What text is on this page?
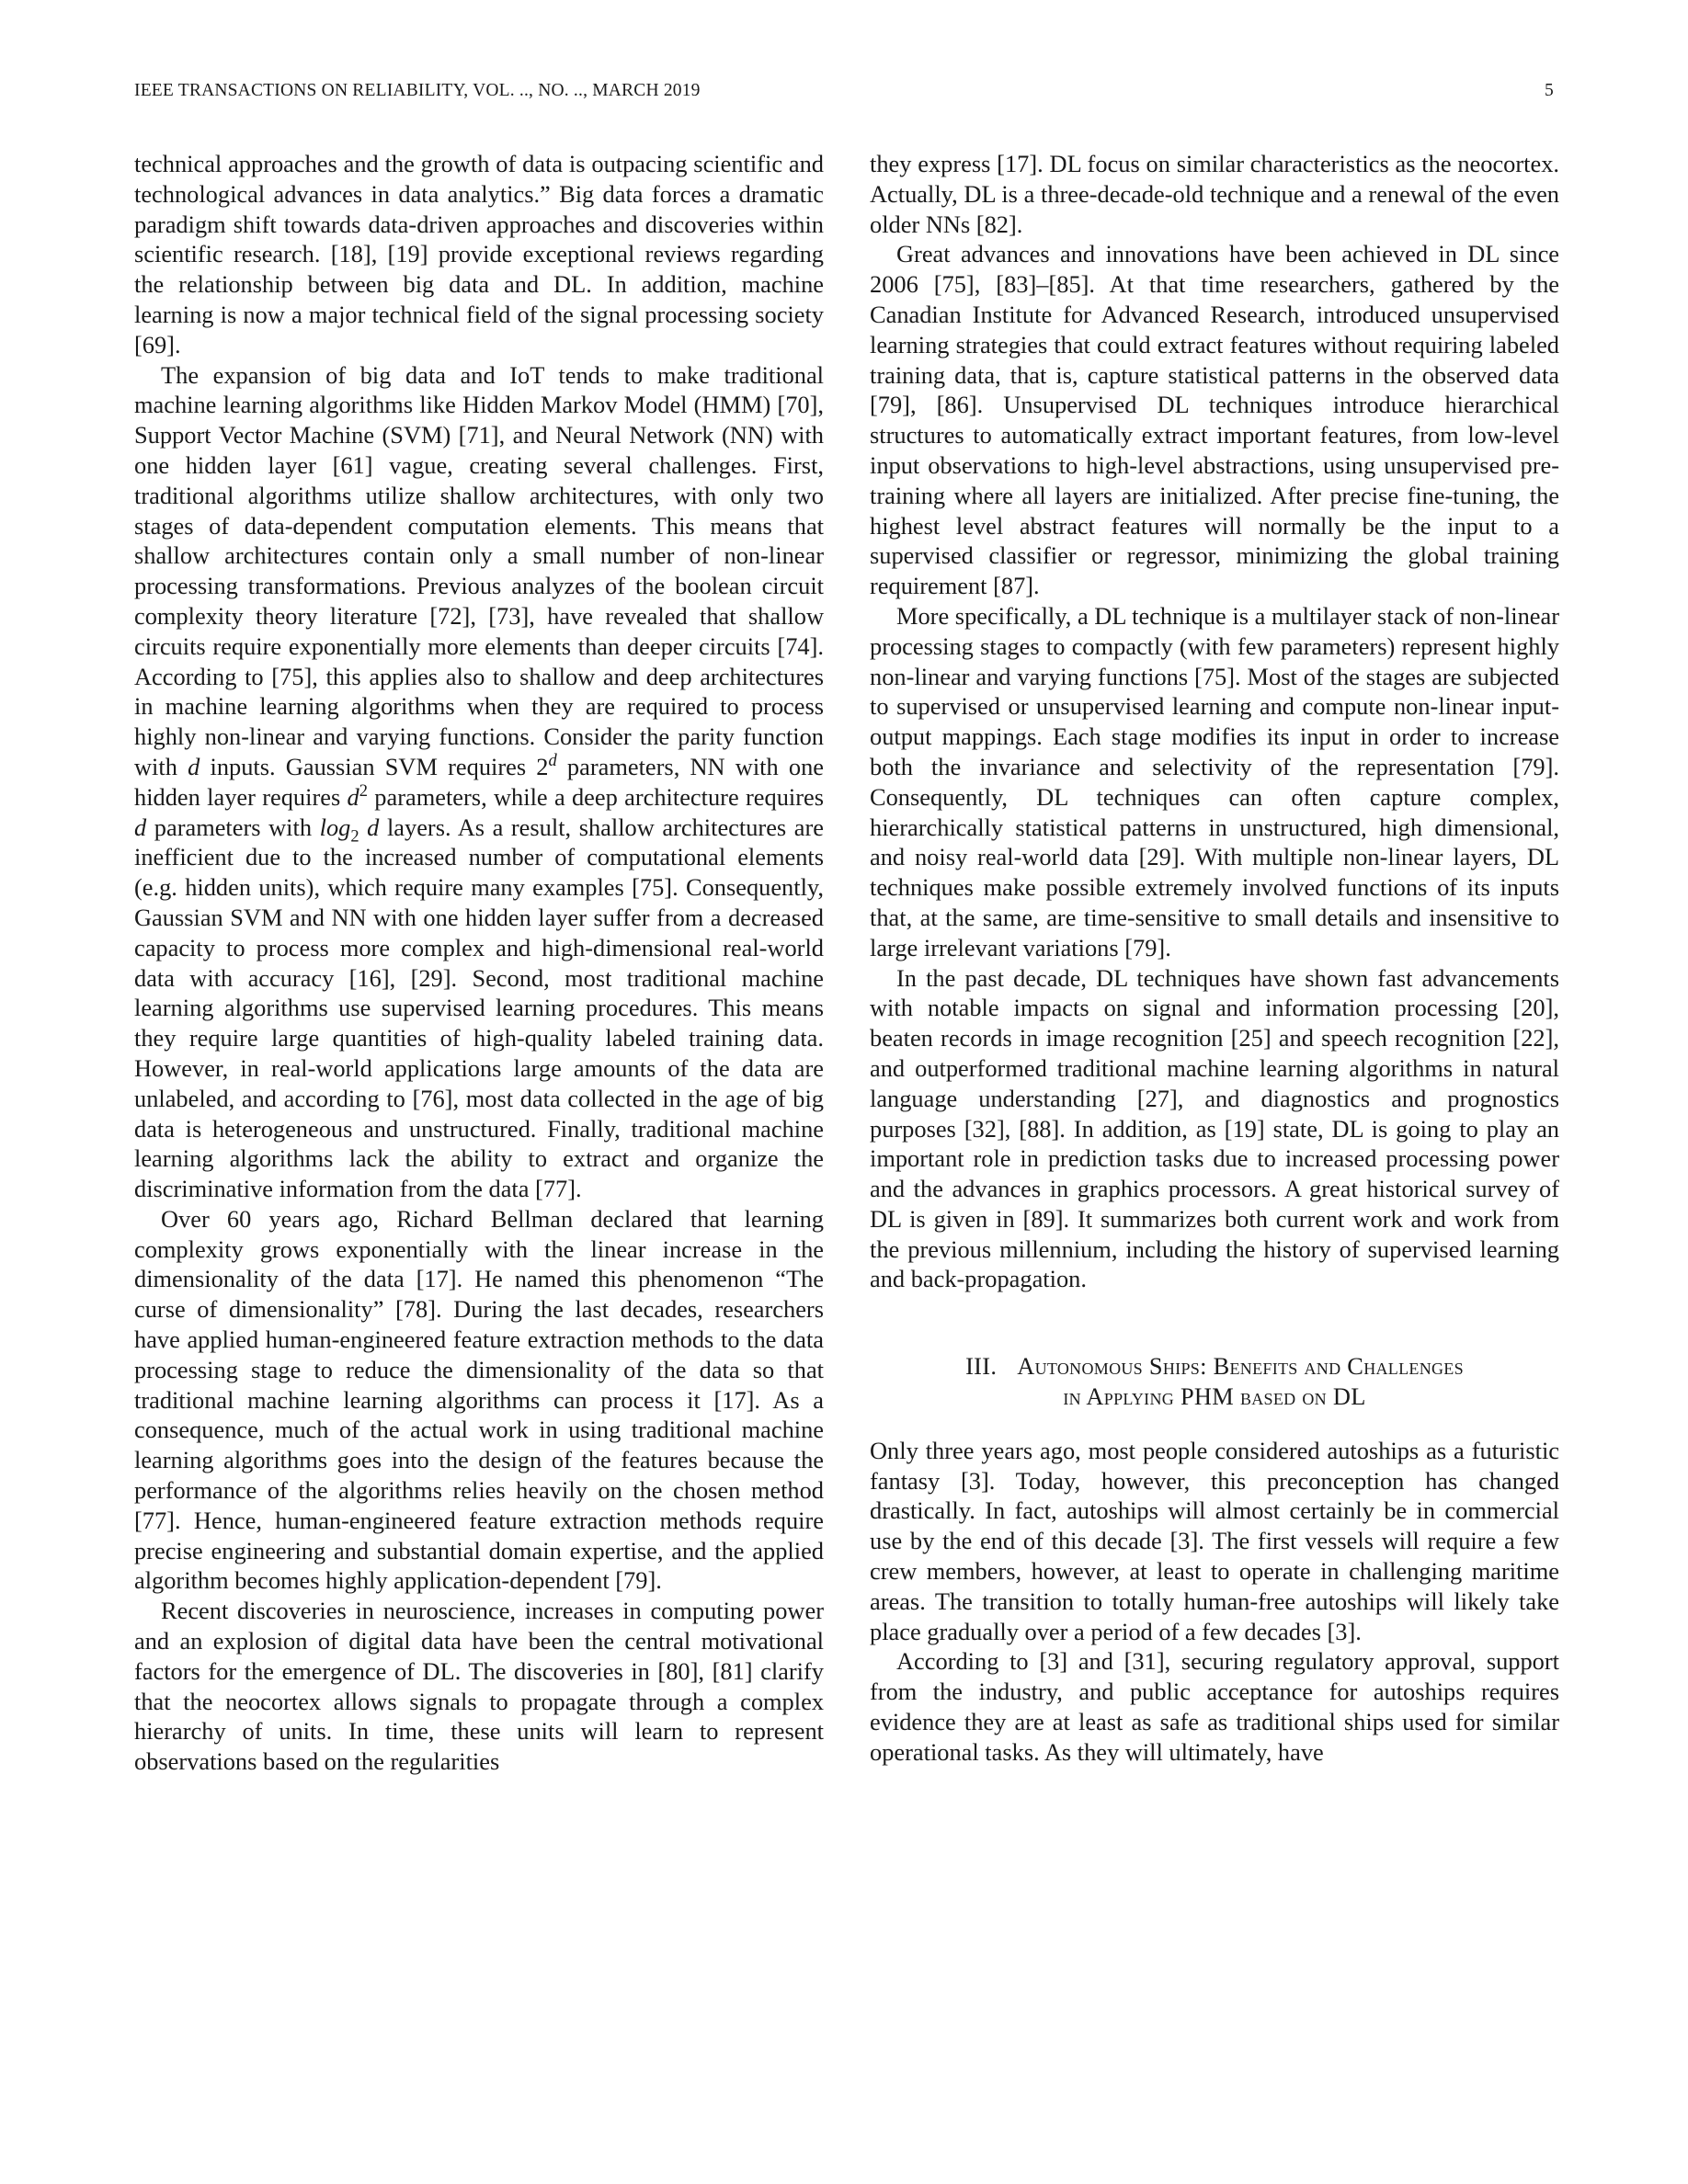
IEEE TRANSACTIONS ON RELIABILITY, VOL. .., NO. .., MARCH 2019	5

technical approaches and the growth of data is outpacing scientific and technological advances in data analytics.” Big data forces a dramatic paradigm shift towards data-driven approaches and discoveries within scientific research. [18], [19] provide exceptional reviews regarding the relationship between big data and DL. In addition, machine learning is now a major technical field of the signal processing society [69].

The expansion of big data and IoT tends to make traditional machine learning algorithms like Hidden Markov Model (HMM) [70], Support Vector Machine (SVM) [71], and Neural Network (NN) with one hidden layer [61] vague, creating several challenges. First, traditional algorithms utilize shallow architectures, with only two stages of data-dependent computation elements. This means that shallow architectures contain only a small number of non-linear processing transformations. Previous analyzes of the boolean circuit complexity theory literature [72], [73], have revealed that shallow circuits require exponentially more elements than deeper circuits [74]. According to [75], this applies also to shallow and deep architectures in machine learning algorithms when they are required to process highly non-linear and varying functions. Consider the parity function with d inputs. Gaussian SVM requires 2$^d$ parameters, NN with one hidden layer requires $d^2$ parameters, while a deep architecture requires d parameters with $\log_2 d$ layers. As a result, shallow architectures are inefficient due to the increased number of computational elements (e.g. hidden units), which require many examples [75]. Consequently, Gaussian SVM and NN with one hidden layer suffer from a decreased capacity to process more complex and high-dimensional real-world data with accuracy [16], [29]. Second, most traditional machine learning algorithms use supervised learning procedures. This means they require large quantities of high-quality labeled training data. However, in real-world applications large amounts of the data are unlabeled, and according to [76], most data collected in the age of big data is heterogeneous and unstructured. Finally, traditional machine learning algorithms lack the ability to extract and organize the discriminative information from the data [77].

Over 60 years ago, Richard Bellman declared that learning complexity grows exponentially with the linear increase in the dimensionality of the data [17]. He named this phenomenon “The curse of dimensionality” [78]. During the last decades, researchers have applied human-engineered feature extraction methods to the data processing stage to reduce the dimensionality of the data so that traditional machine learning algorithms can process it [17]. As a consequence, much of the actual work in using traditional machine learning algorithms goes into the design of the features because the performance of the algorithms relies heavily on the chosen method [77]. Hence, human-engineered feature extraction methods require precise engineering and substantial domain expertise, and the applied algorithm becomes highly application-dependent [79].

Recent discoveries in neuroscience, increases in computing power and an explosion of digital data have been the central motivational factors for the emergence of DL. The discoveries in [80], [81] clarify that the neocortex allows signals to propagate through a complex hierarchy of units. In time, these units will learn to represent observations based on the regularities

they express [17]. DL focus on similar characteristics as the neocortex. Actually, DL is a three-decade-old technique and a renewal of the even older NNs [82].

Great advances and innovations have been achieved in DL since 2006 [75], [83]–[85]. At that time researchers, gathered by the Canadian Institute for Advanced Research, introduced unsupervised learning strategies that could extract features without requiring labeled training data, that is, capture statistical patterns in the observed data [79], [86]. Unsupervised DL techniques introduce hierarchical structures to automatically extract important features, from low-level input observations to high-level abstractions, using unsupervised pre-training where all layers are initialized. After precise fine-tuning, the highest level abstract features will normally be the input to a supervised classifier or regressor, minimizing the global training requirement [87].

More specifically, a DL technique is a multilayer stack of non-linear processing stages to compactly (with few parameters) represent highly non-linear and varying functions [75]. Most of the stages are subjected to supervised or unsupervised learning and compute non-linear input-output mappings. Each stage modifies its input in order to increase both the invariance and selectivity of the representation [79]. Consequently, DL techniques can often capture complex, hierarchically statistical patterns in unstructured, high dimensional, and noisy real-world data [29]. With multiple non-linear layers, DL techniques make possible extremely involved functions of its inputs that, at the same, are time-sensitive to small details and insensitive to large irrelevant variations [79].

In the past decade, DL techniques have shown fast advancements with notable impacts on signal and information processing [20], beaten records in image recognition [25] and speech recognition [22], and outperformed traditional machine learning algorithms in natural language understanding [27], and diagnostics and prognostics purposes [32], [88]. In addition, as [19] state, DL is going to play an important role in prediction tasks due to increased processing power and the advances in graphics processors. A great historical survey of DL is given in [89]. It summarizes both current work and work from the previous millennium, including the history of supervised learning and back-propagation.

III. Autonomous Ships: Benefits and Challenges
in Applying PHM based on DL

Only three years ago, most people considered autoships as a futuristic fantasy [3]. Today, however, this preconception has changed drastically. In fact, autoships will almost certainly be in commercial use by the end of this decade [3]. The first vessels will require a few crew members, however, at least to operate in challenging maritime areas. The transition to totally human-free autoships will likely take place gradually over a period of a few decades [3].

According to [3] and [31], securing regulatory approval, support from the industry, and public acceptance for autoships requires evidence they are at least as safe as traditional ships used for similar operational tasks. As they will ultimately, have
